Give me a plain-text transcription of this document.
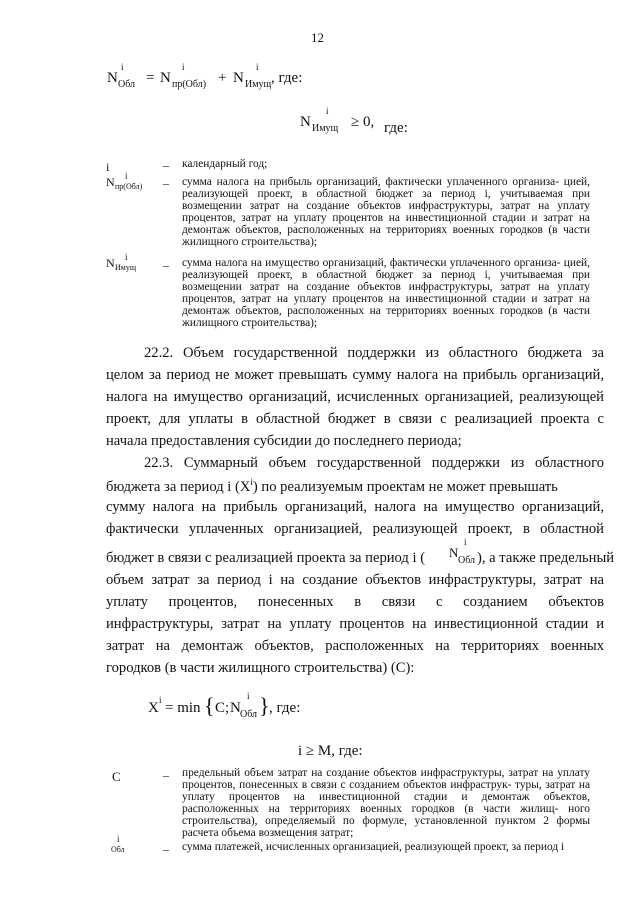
12
N
i
Обл = N
i
пр(Обл) + N
i
Имущ , где:
N
i
Имущ ≥ 0, где:
i	– календарный год;
N i
пр(Обл) – сумма налога на прибыль организаций, фактически уплаченного организа- цией, реализующей проект, в областной бюджет за период i, учитываемая при возмещении затрат на создание объектов инфраструктуры, затрат на уплату процентов, затрат на уплату процентов на инвестиционной стадии и затрат на демонтаж объектов, расположенных на территориях военных городков (в части жилищного строительства);
N i
Имущ – сумма налога на имущество организаций, фактически уплаченного организа- цией, реализующей проект, в областной бюджет за период i, учитываемая при возмещении затрат на создание объектов инфраструктуры, затрат на уплату процентов, затрат на уплату процентов на инвестиционной стадии и затрат на демонтаж объектов, расположенных на территориях военных городков (в части жилищного строительства);
22.2. Объем государственной поддержки из областного бюджета за
целом за период не может превышать сумму налога на прибыль организаций,
налога на имущество организаций, исчисленных организацией, реализующей
проект, для уплаты в областной бюджет в связи с реализацией проекта с
начала предоставления субсидии до последнего периода;
22.3. Суммарный объем государственной поддержки из областного
бюджета за период i $(X^i)$ по реализуемым проектам не может превышать
сумму налога на прибыль организаций, налога на имущество организаций,
фактически уплаченных организацией, реализующей проект, в областной
бюджет в связи с реализацией проекта за период i ( N
i
Обл ), а также предельный
объем затрат за период i на создание объектов инфраструктуры, затрат на
уплату процентов, понесенных в связи с созданием объектов
инфраструктуры, затрат на уплату процентов на инвестиционной стадии и
затрат на демонтаж объектов, расположенных на территориях военных
городков (в части жилищного строительства) (C):
X i = min { C; N
i
Обл } , где:
i ≥ M, где:
C	– предельный объем затрат на создание объектов инфраструктуры, затрат на уплату процентов, понесенных в связи с созданием объектов инфраструк- туры, затрат на уплату процентов на инвестиционной стадии и демонтаж объектов, расположенных на территориях военных городков (в части жилищ- ного строительства), определяемый по формуле, установленной пунктом 2 формы расчета объема возмещения затрат;
i
Обл	– сумма платежей, исчисленных организацией, реализующей проект, за период i
